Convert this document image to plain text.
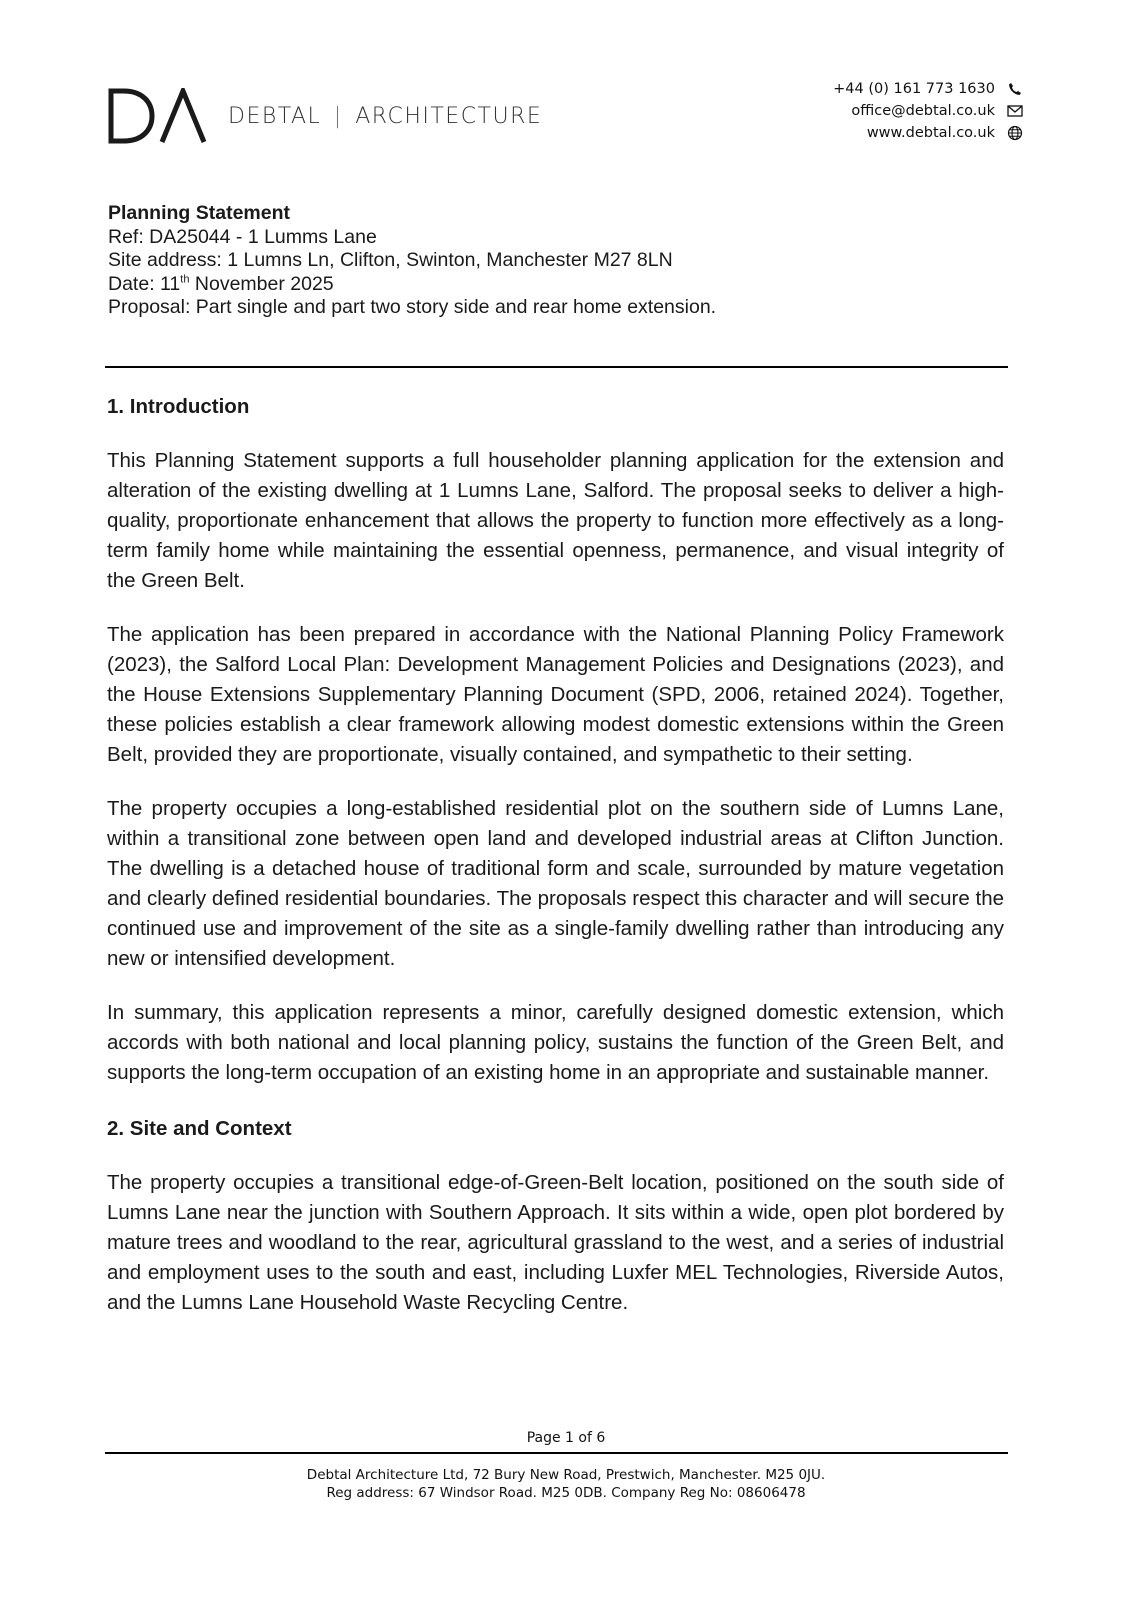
DEBTAL | ARCHITECTURE
+44 (0) 161 773 1630
office@debtal.co.uk
www.debtal.co.uk
Planning Statement
Ref: DA25044 - 1 Lumms Lane
Site address: 1 Lumns Ln, Clifton, Swinton, Manchester M27 8LN
Date: 11th November 2025
Proposal: Part single and part two story side and rear home extension.
1. Introduction

This Planning Statement supports a full householder planning application for the extension and alteration of the existing dwelling at 1 Lumns Lane, Salford. The proposal seeks to deliver a high-quality, proportionate enhancement that allows the property to function more effectively as a long-term family home while maintaining the essential openness, permanence, and visual integrity of the Green Belt.

The application has been prepared in accordance with the National Planning Policy Framework (2023), the Salford Local Plan: Development Management Policies and Designations (2023), and the House Extensions Supplementary Planning Document (SPD, 2006, retained 2024). Together, these policies establish a clear framework allowing modest domestic extensions within the Green Belt, provided they are proportionate, visually contained, and sympathetic to their setting.

The property occupies a long-established residential plot on the southern side of Lumns Lane, within a transitional zone between open land and developed industrial areas at Clifton Junction. The dwelling is a detached house of traditional form and scale, surrounded by mature vegetation and clearly defined residential boundaries. The proposals respect this character and will secure the continued use and improvement of the site as a single-family dwelling rather than introducing any new or intensified development.

In summary, this application represents a minor, carefully designed domestic extension, which accords with both national and local planning policy, sustains the function of the Green Belt, and supports the long-term occupation of an existing home in an appropriate and sustainable manner.

2. Site and Context

The property occupies a transitional edge-of-Green-Belt location, positioned on the south side of Lumns Lane near the junction with Southern Approach. It sits within a wide, open plot bordered by mature trees and woodland to the rear, agricultural grassland to the west, and a series of industrial and employment uses to the south and east, including Luxfer MEL Technologies, Riverside Autos, and the Lumns Lane Household Waste Recycling Centre.

Page 1 of 6
Debtal Architecture Ltd, 72 Bury New Road, Prestwich, Manchester. M25 0JU.
Reg address: 67 Windsor Road. M25 0DB. Company Reg No: 08606478
